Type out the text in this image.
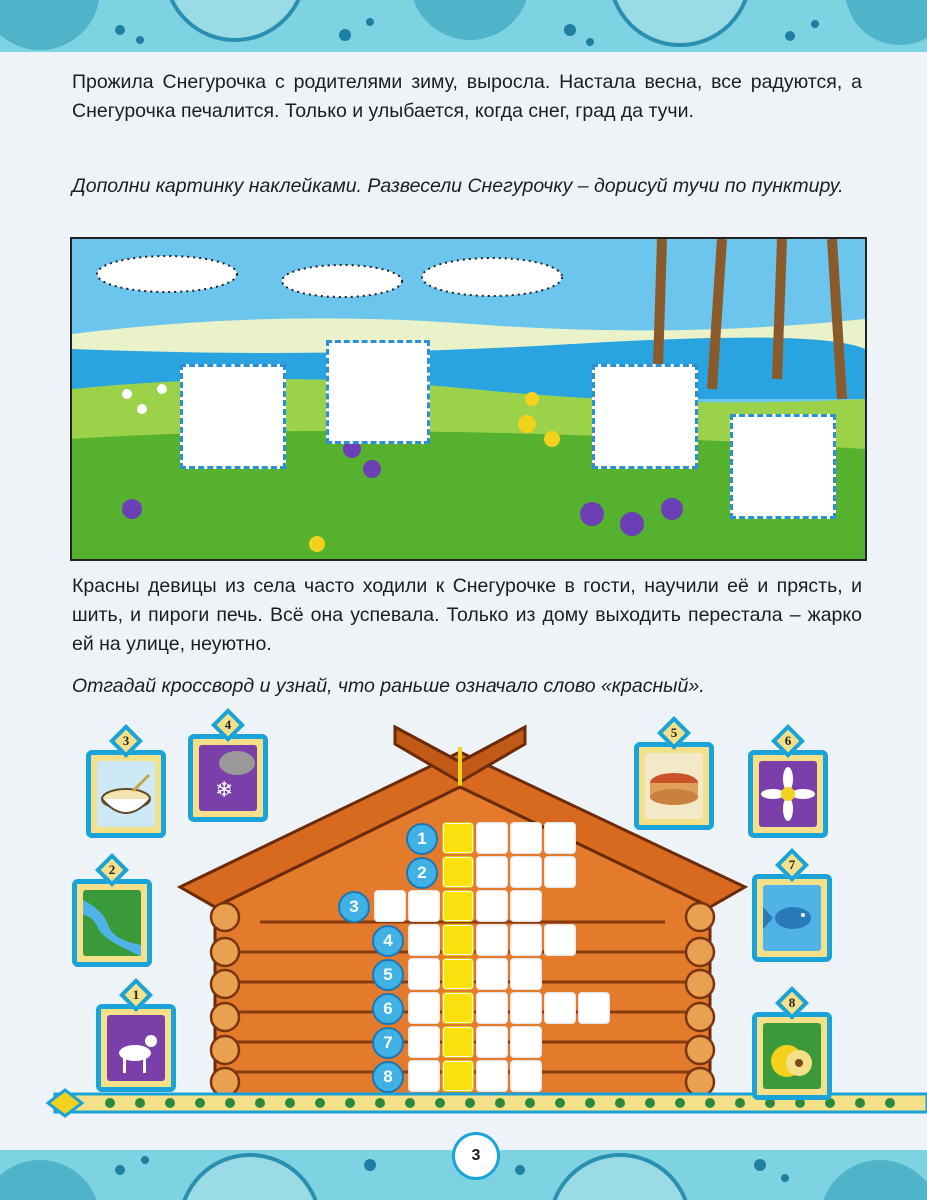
Прожила Снегурочка с родителями зиму, выросла. Настала весна, все радуются, а Снегурочка печалится. Только и улыбается, когда снег, град да тучи.

Дополни картинку наклейками. Развесели Снегурочку – дорисуй тучи по пунктиру.

Красны девицы из села часто ходили к Снегурочке в гости, научили её и прясть, и шить, и пироги печь. Всё она успевала. Только из дому выходить перестала – жарко ей на улице, неуютно.

Отгадай кроссворд и узнай, что раньше означало слово «красный».

3
4
❄
2
1
5
6
7
8
1
2
3
4
5
6
7
8
3
